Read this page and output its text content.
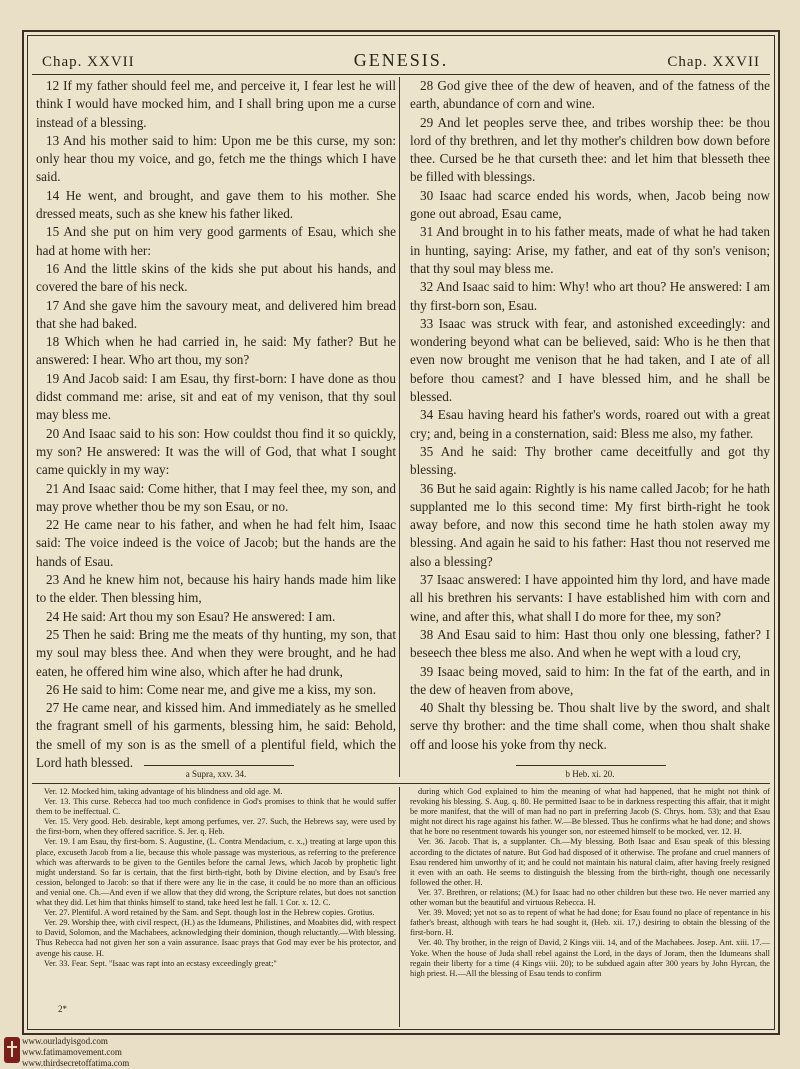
Chap. XXVII	GENESIS.	Chap. XXVII

12 If my father should feel me, and perceive it, I fear lest he will think I would have mocked him, and I shall bring upon me a curse instead of a blessing.

13 And his mother said to him: Upon me be this curse, my son: only hear thou my voice, and go, fetch me the things which I have said.

14 He went, and brought, and gave them to his mother. She dressed meats, such as she knew his father liked.

15 And she put on him very good garments of Esau, which she had at home with her:

16 And the little skins of the kids she put about his hands, and covered the bare of his neck.

17 And she gave him the savoury meat, and delivered him bread that she had baked.

18 Which when he had carried in, he said: My father? But he answered: I hear. Who art thou, my son?

19 And Jacob said: I am Esau, thy first-born: I have done as thou didst command me: arise, sit and eat of my venison, that thy soul may bless me.

20 And Isaac said to his son: How couldst thou find it so quickly, my son? He answered: It was the will of God, that what I sought came quickly in my way:

21 And Isaac said: Come hither, that I may feel thee, my son, and may prove whether thou be my son Esau, or no.

22 He came near to his father, and when he had felt him, Isaac said: The voice indeed is the voice of Jacob; but the hands are the hands of Esau.

23 And he knew him not, because his hairy hands made him like to the elder. Then blessing him,

24 He said: Art thou my son Esau? He answered: I am.

25 Then he said: Bring me the meats of thy hunting, my son, that my soul may bless thee. And when they were brought, and he had eaten, he offered him wine also, which after he had drunk,

26 He said to him: Come near me, and give me a kiss, my son.

27 He came near, and kissed him. And immediately as he smelled the fragrant smell of his garments, blessing him, he said: Behold, the smell of my son is as the smell of a plentiful field, which the Lord hath blessed.

28 God give thee of the dew of heaven, and of the fatness of the earth, abundance of corn and wine.

29 And let peoples serve thee, and tribes worship thee: be thou lord of thy brethren, and let thy mother's children bow down before thee. Cursed be he that curseth thee: and let him that blesseth thee be filled with blessings.

30 Isaac had scarce ended his words, when, Jacob being now gone out abroad, Esau came,

31 And brought in to his father meats, made of what he had taken in hunting, saying: Arise, my father, and eat of thy son's venison; that thy soul may bless me.

32 And Isaac said to him: Why! who art thou? He answered: I am thy first-born son, Esau.

33 Isaac was struck with fear, and astonished exceedingly: and wondering beyond what can be believed, said: Who is he then that even now brought me venison that he had taken, and I ate of all before thou camest? and I have blessed him, and he shall be blessed.

34 Esau having heard his father's words, roared out with a great cry; and, being in a consternation, said: Bless me also, my father.

35 And he said: Thy brother came deceitfully and got thy blessing.

36 But he said again: Rightly is his name called Jacob; for he hath supplanted me lo this second time: My first birth-right he took away before, and now this second time he hath stolen away my blessing. And again he said to his father: Hast thou not reserved me also a blessing?

37 Isaac answered: I have appointed him thy lord, and have made all his brethren his servants: I have established him with corn and wine, and after this, what shall I do more for thee, my son?

38 And Esau said to him: Hast thou only one blessing, father? I beseech thee bless me also. And when he wept with a loud cry,

39 Isaac being moved, said to him: In the fat of the earth, and in the dew of heaven from above,

40 Shalt thy blessing be. Thou shalt live by the sword, and shalt serve thy brother: and the time shall come, when thou shalt shake off and loose his yoke from thy neck.

a Supra, xxv. 34.	b Heb. xi. 20.

Ver. 12. Mocked him, taking advantage of his blindness and old age. M.

Ver. 13. This curse. Rebecca had too much confidence in God's promises to think that he would suffer them to be ineffectual. C.

Ver. 15. Very good. Heb. desirable, kept among perfumes, ver. 27. Such, the Hebrews say, were used by the first-born, when they offered sacrifice. S. Jer. q. Heb.

Ver. 19. I am Esau, thy first-born. S. Augustine, (L. Contra Mendacium, c. x.,) treating at large upon this place, excuseth Jacob from a lie, because this whole passage was mysterious, as referring to the preference which was afterwards to be given to the Gentiles before the carnal Jews, which Jacob by prophetic light might understand. So far is certain, that the first birth-right, both by Divine election, and by Esau's free cession, belonged to Jacob: so that if there were any lie in the case, it could be no more than an officious and venial one. Ch.—And even if we allow that they did wrong, the Scripture relates, but does not sanction what they did. Let him that thinks himself to stand, take heed lest he fall. 1 Cor. x. 12. C.

Ver. 27. Plentiful. A word retained by the Sam. and Sept. though lost in the Hebrew copies. Grotius.

Ver. 29. Worship thee, with civil respect, (H.) as the Idumeans, Philistines, and Moabites did, with respect to David, Solomon, and the Machabees, acknowledging their dominion, though reluctantly.—With blessing. Thus Rebecca had not given her son a vain assurance. Isaac prays that God may ever be his protector, and avenge his cause. H.

Ver. 33. Fear. Sept. "Isaac was rapt into an ecstasy exceedingly great;"

during which God explained to him the meaning of what had happened, that he might not think of revoking his blessing. S. Aug. q. 80. He permitted Isaac to be in darkness respecting this affair, that it might be more manifest, that the will of man had no part in preferring Jacob (S. Chrys. hom. 53); and that Esau might not direct his rage against his father. W.—Be blessed. Thus he confirms what he had done; and shows that he bore no resentment towards his younger son, nor esteemed himself to be mocked, ver. 12. H.

Ver. 36. Jacob. That is, a supplanter. Ch.—My blessing. Both Isaac and Esau speak of this blessing according to the dictates of nature. But God had disposed of it otherwise. The profane and cruel manners of Esau rendered him unworthy of it; and he could not maintain his natural claim, after having freely resigned it even with an oath. He seems to distinguish the blessing from the birth-right, though one necessarily followed the other. H.

Ver. 37. Brethren, or relations; (M.) for Isaac had no other children but these two. He never married any other woman but the beautiful and virtuous Rebecca. H.

Ver. 39. Moved; yet not so as to repent of what he had done; for Esau found no place of repentance in his father's breast, although with tears he had sought it, (Heb. xii. 17,) desiring to obtain the blessing of the first-born. H.

Ver. 40. Thy brother, in the reign of David, 2 Kings viii. 14, and of the Machabees. Josep. Ant. xiii. 17.—Yoke. When the house of Juda shall rebel against the Lord, in the days of Joram, then the Idumeans shall regain their liberty for a time (4 Kings viii. 20); to be subdued again after 300 years by John Hyrcan, the high priest. H.—All the blessing of Esau tends to confirm

2*
www.ourladyisgod.com
www.fatimamovement.com
www.thirdsecretoffatima.com
